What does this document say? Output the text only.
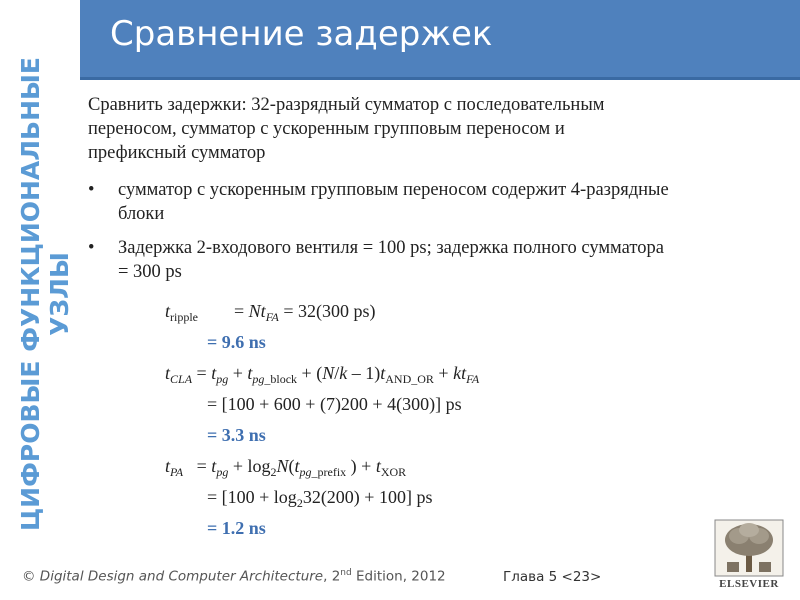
ЦИФРОВЫЕ ФУНКЦИОНАЛЬНЫЕ
УЗЛЫ
Сравнение задержек
Сравнить задержки: 32-разрядный сумматор с последовательным
переносом, сумматор с ускоренным групповым переносом и
префиксный сумматор
• сумматор с ускоренным групповым переносом содержит 4-разрядные
блоки
• Задержка 2-входового вентиля = 100 ps; задержка полного сумматора
= 300 ps
$t_{ripple}$        = $Nt_{FA} = 32(300$ ps)
= 9.6 ns
$t_{CLA} = t_{pg} + t_{pg\_block} + (N/k - 1)t_{AND\_OR} + kt_{FA}$
= [100 + 600 + (7)200 + 4(300)] ps
= 3.3 ns
$t_{PA} = t_{pg} + \log_2N(t_{pg\_prefix}$ ) + $t_{XOR}$
= $[100 + \log_232(200) + 100]$ ps
= 1.2 ns
© Digital Design and Computer Architecture, 2nd Edition, 2012	Глава 5 <23>	ELSEVIER
